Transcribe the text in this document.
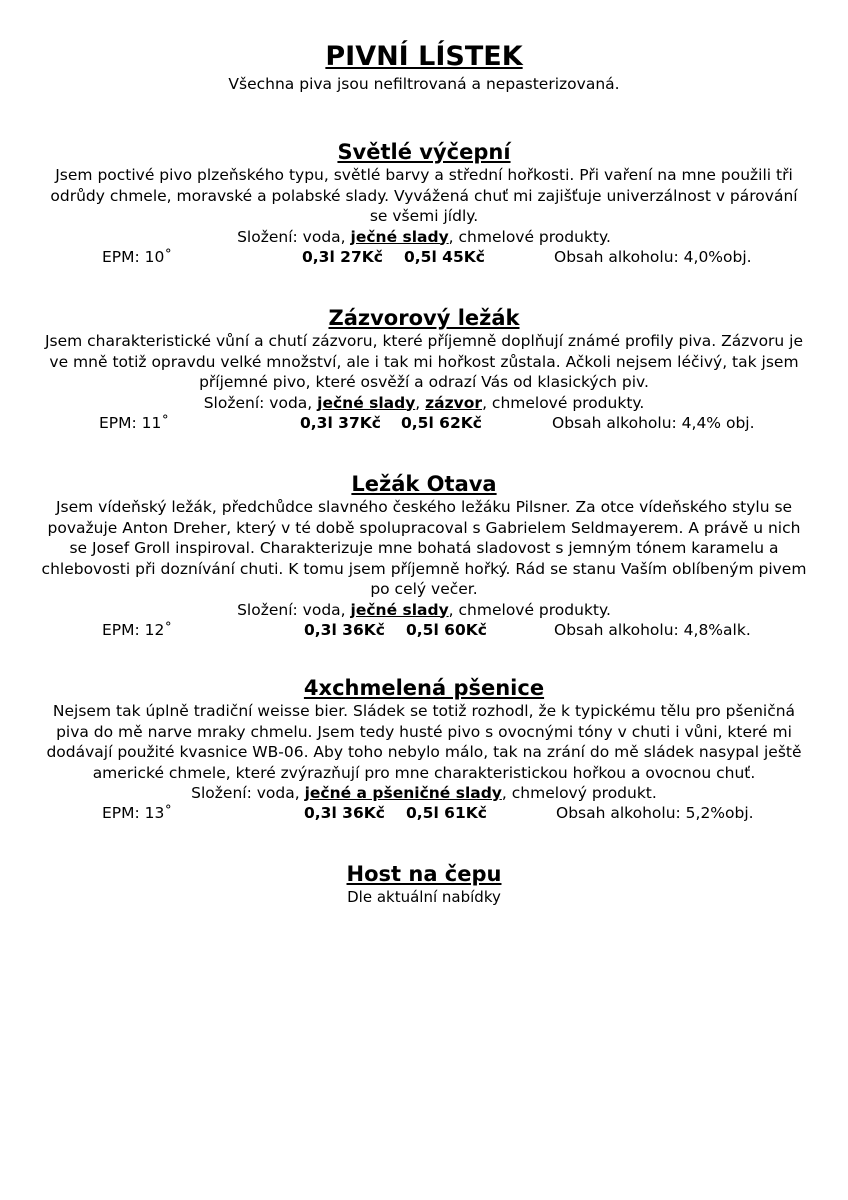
PIVNÍ LÍSTEK
Všechna piva jsou nefiltrovaná a nepasterizovaná.

Světlé výčepní

Jsem poctivé pivo plzeňského typu, světlé barvy a střední hořkosti. Při vaření na mne použili tři odrůdy chmele, moravské a polabské slady. Vyvážená chuť mi zajišťuje univerzálnost v párování se všemi jídly.

Složení: voda, ječné slady, chmelové produkty.

EPM: 10˚	0,3l 27Kč 0,5l 45Kč	Obsah alkoholu: 4,0%obj.

Zázvorový ležák

Jsem charakteristické vůní a chutí zázvoru, které příjemně doplňují známé profily piva. Zázvoru je ve mně totiž opravdu velké množství, ale i tak mi hořkost zůstala. Ačkoli nejsem léčivý, tak jsem příjemné pivo, které osvěží a odrazí Vás od klasických piv.

Složení: voda, ječné slady, zázvor, chmelové produkty.

EPM: 11˚	0,3l 37Kč 0,5l 62Kč	Obsah alkoholu: 4,4% obj.

Ležák Otava

Jsem vídeňský ležák, předchůdce slavného českého ležáku Pilsner. Za otce vídeňského stylu se považuje Anton Dreher, který v té době spolupracoval s Gabrielem Seldmayerem. A právě u nich se Josef Groll inspiroval. Charakterizuje mne bohatá sladovost s jemným tónem karamelu a chlebovosti při doznívání chuti. K tomu jsem příjemně hořký. Rád se stanu Vaším oblíbeným pivem po celý večer.

Složení: voda, ječné slady, chmelové produkty.

EPM: 12˚	0,3l 36Kč 0,5l 60Kč	Obsah alkoholu: 4,8%alk.

4xchmelená pšenice

Nejsem tak úplně tradiční weisse bier. Sládek se totiž rozhodl, že k typickému tělu pro pšeničná piva do mě narve mraky chmelu. Jsem tedy husté pivo s ovocnými tóny v chuti i vůni, které mi dodávají použité kvasnice WB-06. Aby toho nebylo málo, tak na zrání do mě sládek nasypal ještě americké chmele, které zvýrazňují pro mne charakteristickou hořkou a ovocnou chuť.

Složení: voda, ječné a pšeničné slady, chmelový produkt.

EPM: 13˚	0,3l 36Kč 0,5l 61Kč	Obsah alkoholu: 5,2%obj.

Host na čepu

Dle aktuální nabídky
